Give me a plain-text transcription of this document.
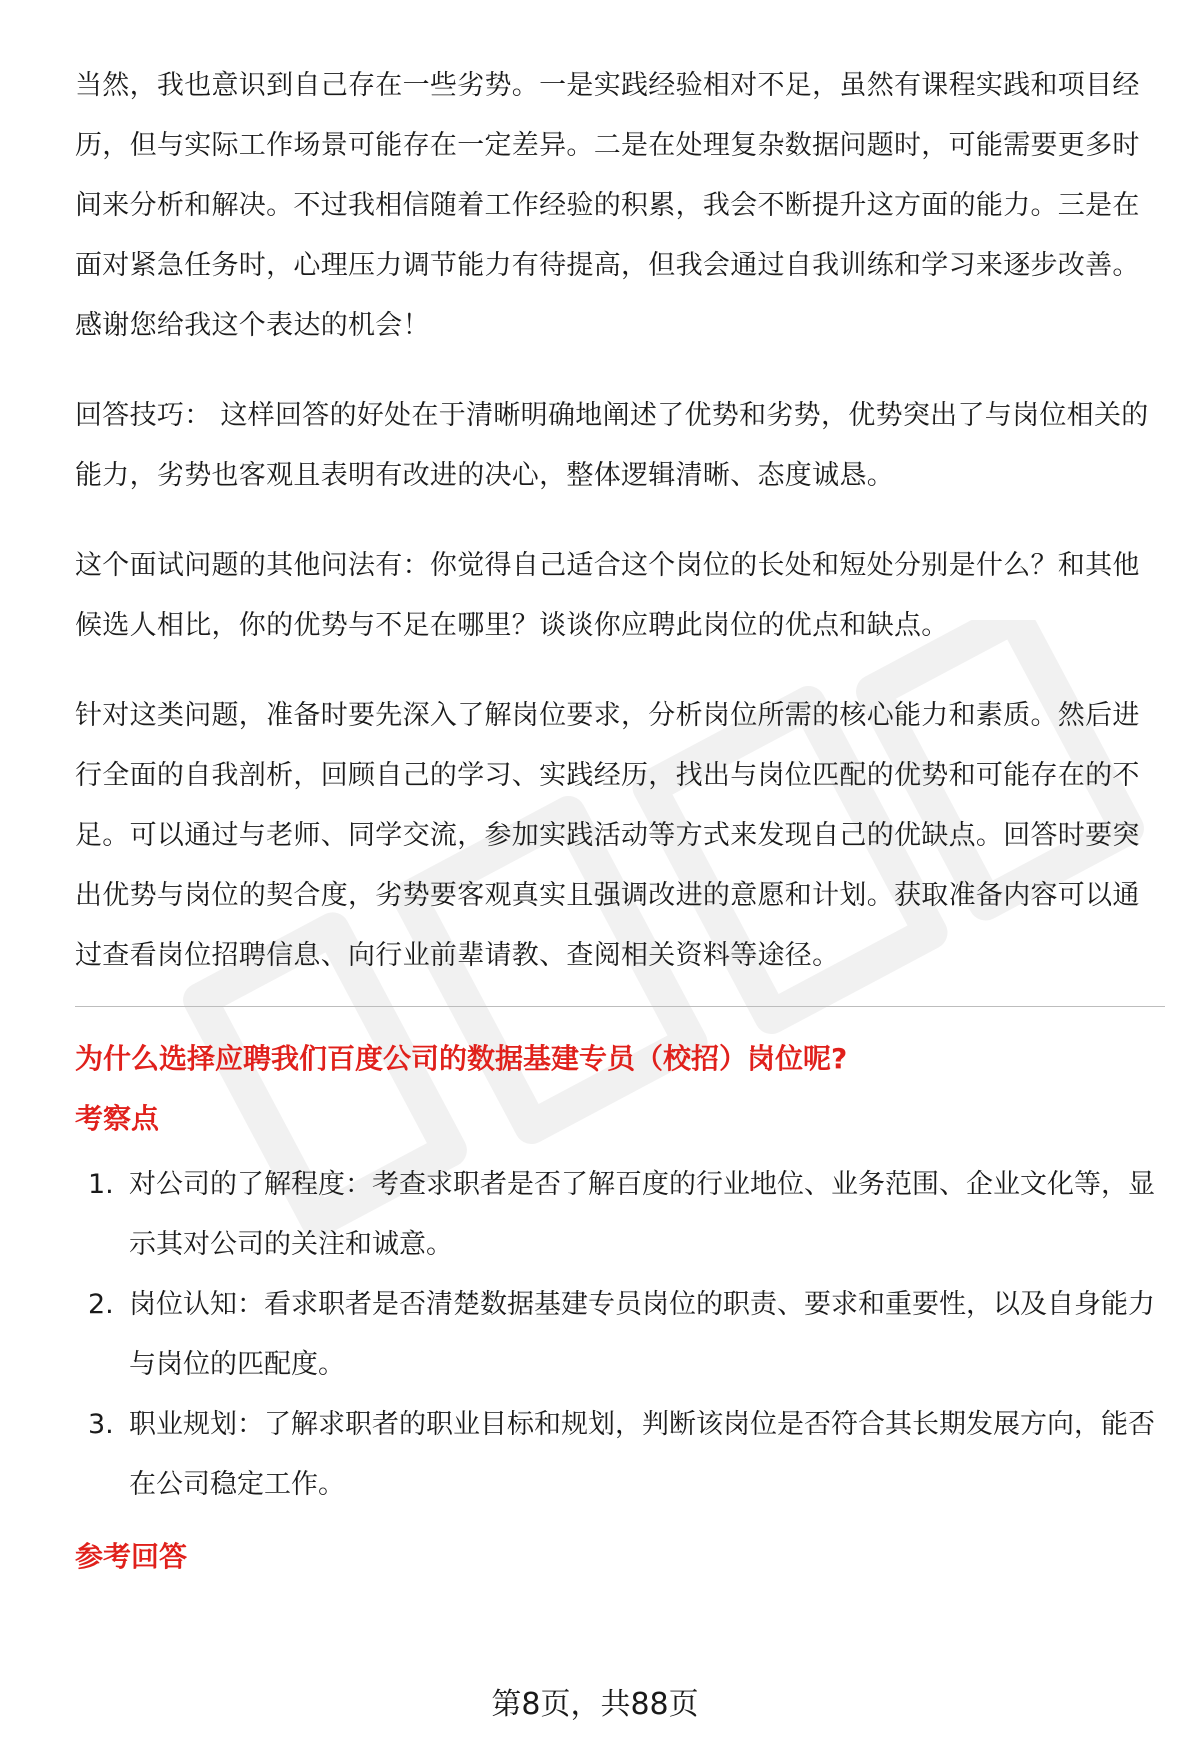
当然，我也意识到自己存在一些劣势。一是实践经验相对不足，虽然有课程实践和项目经历，但与实际工作场景可能存在一定差异。二是在处理复杂数据问题时，可能需要更多时间来分析和解决。不过我相信随着工作经验的积累，我会不断提升这方面的能力。三是在面对紧急任务时，心理压力调节能力有待提高，但我会通过自我训练和学习来逐步改善。感谢您给我这个表达的机会！

回答技巧： 这样回答的好处在于清晰明确地阐述了优势和劣势，优势突出了与岗位相关的能力，劣势也客观且表明有改进的决心，整体逻辑清晰、态度诚恳。

这个面试问题的其他问法有：你觉得自己适合这个岗位的长处和短处分别是什么？和其他候选人相比，你的优势与不足在哪里？谈谈你应聘此岗位的优点和缺点。

针对这类问题，准备时要先深入了解岗位要求，分析岗位所需的核心能力和素质。然后进行全面的自我剖析，回顾自己的学习、实践经历，找出与岗位匹配的优势和可能存在的不足。可以通过与老师、同学交流，参加实践活动等方式来发现自己的优缺点。回答时要突出优势与岗位的契合度，劣势要客观真实且强调改进的意愿和计划。获取准备内容可以通过查看岗位招聘信息、向行业前辈请教、查阅相关资料等途径。

为什么选择应聘我们百度公司的数据基建专员（校招）岗位呢?
考察点
1. 对公司的了解程度：考查求职者是否了解百度的行业地位、业务范围、企业文化等，显示其对公司的关注和诚意。
2. 岗位认知：看求职者是否清楚数据基建专员岗位的职责、要求和重要性，以及自身能力与岗位的匹配度。
3. 职业规划：了解求职者的职业目标和规划，判断该岗位是否符合其长期发展方向，能否在公司稳定工作。
参考回答
第8页，共88页
